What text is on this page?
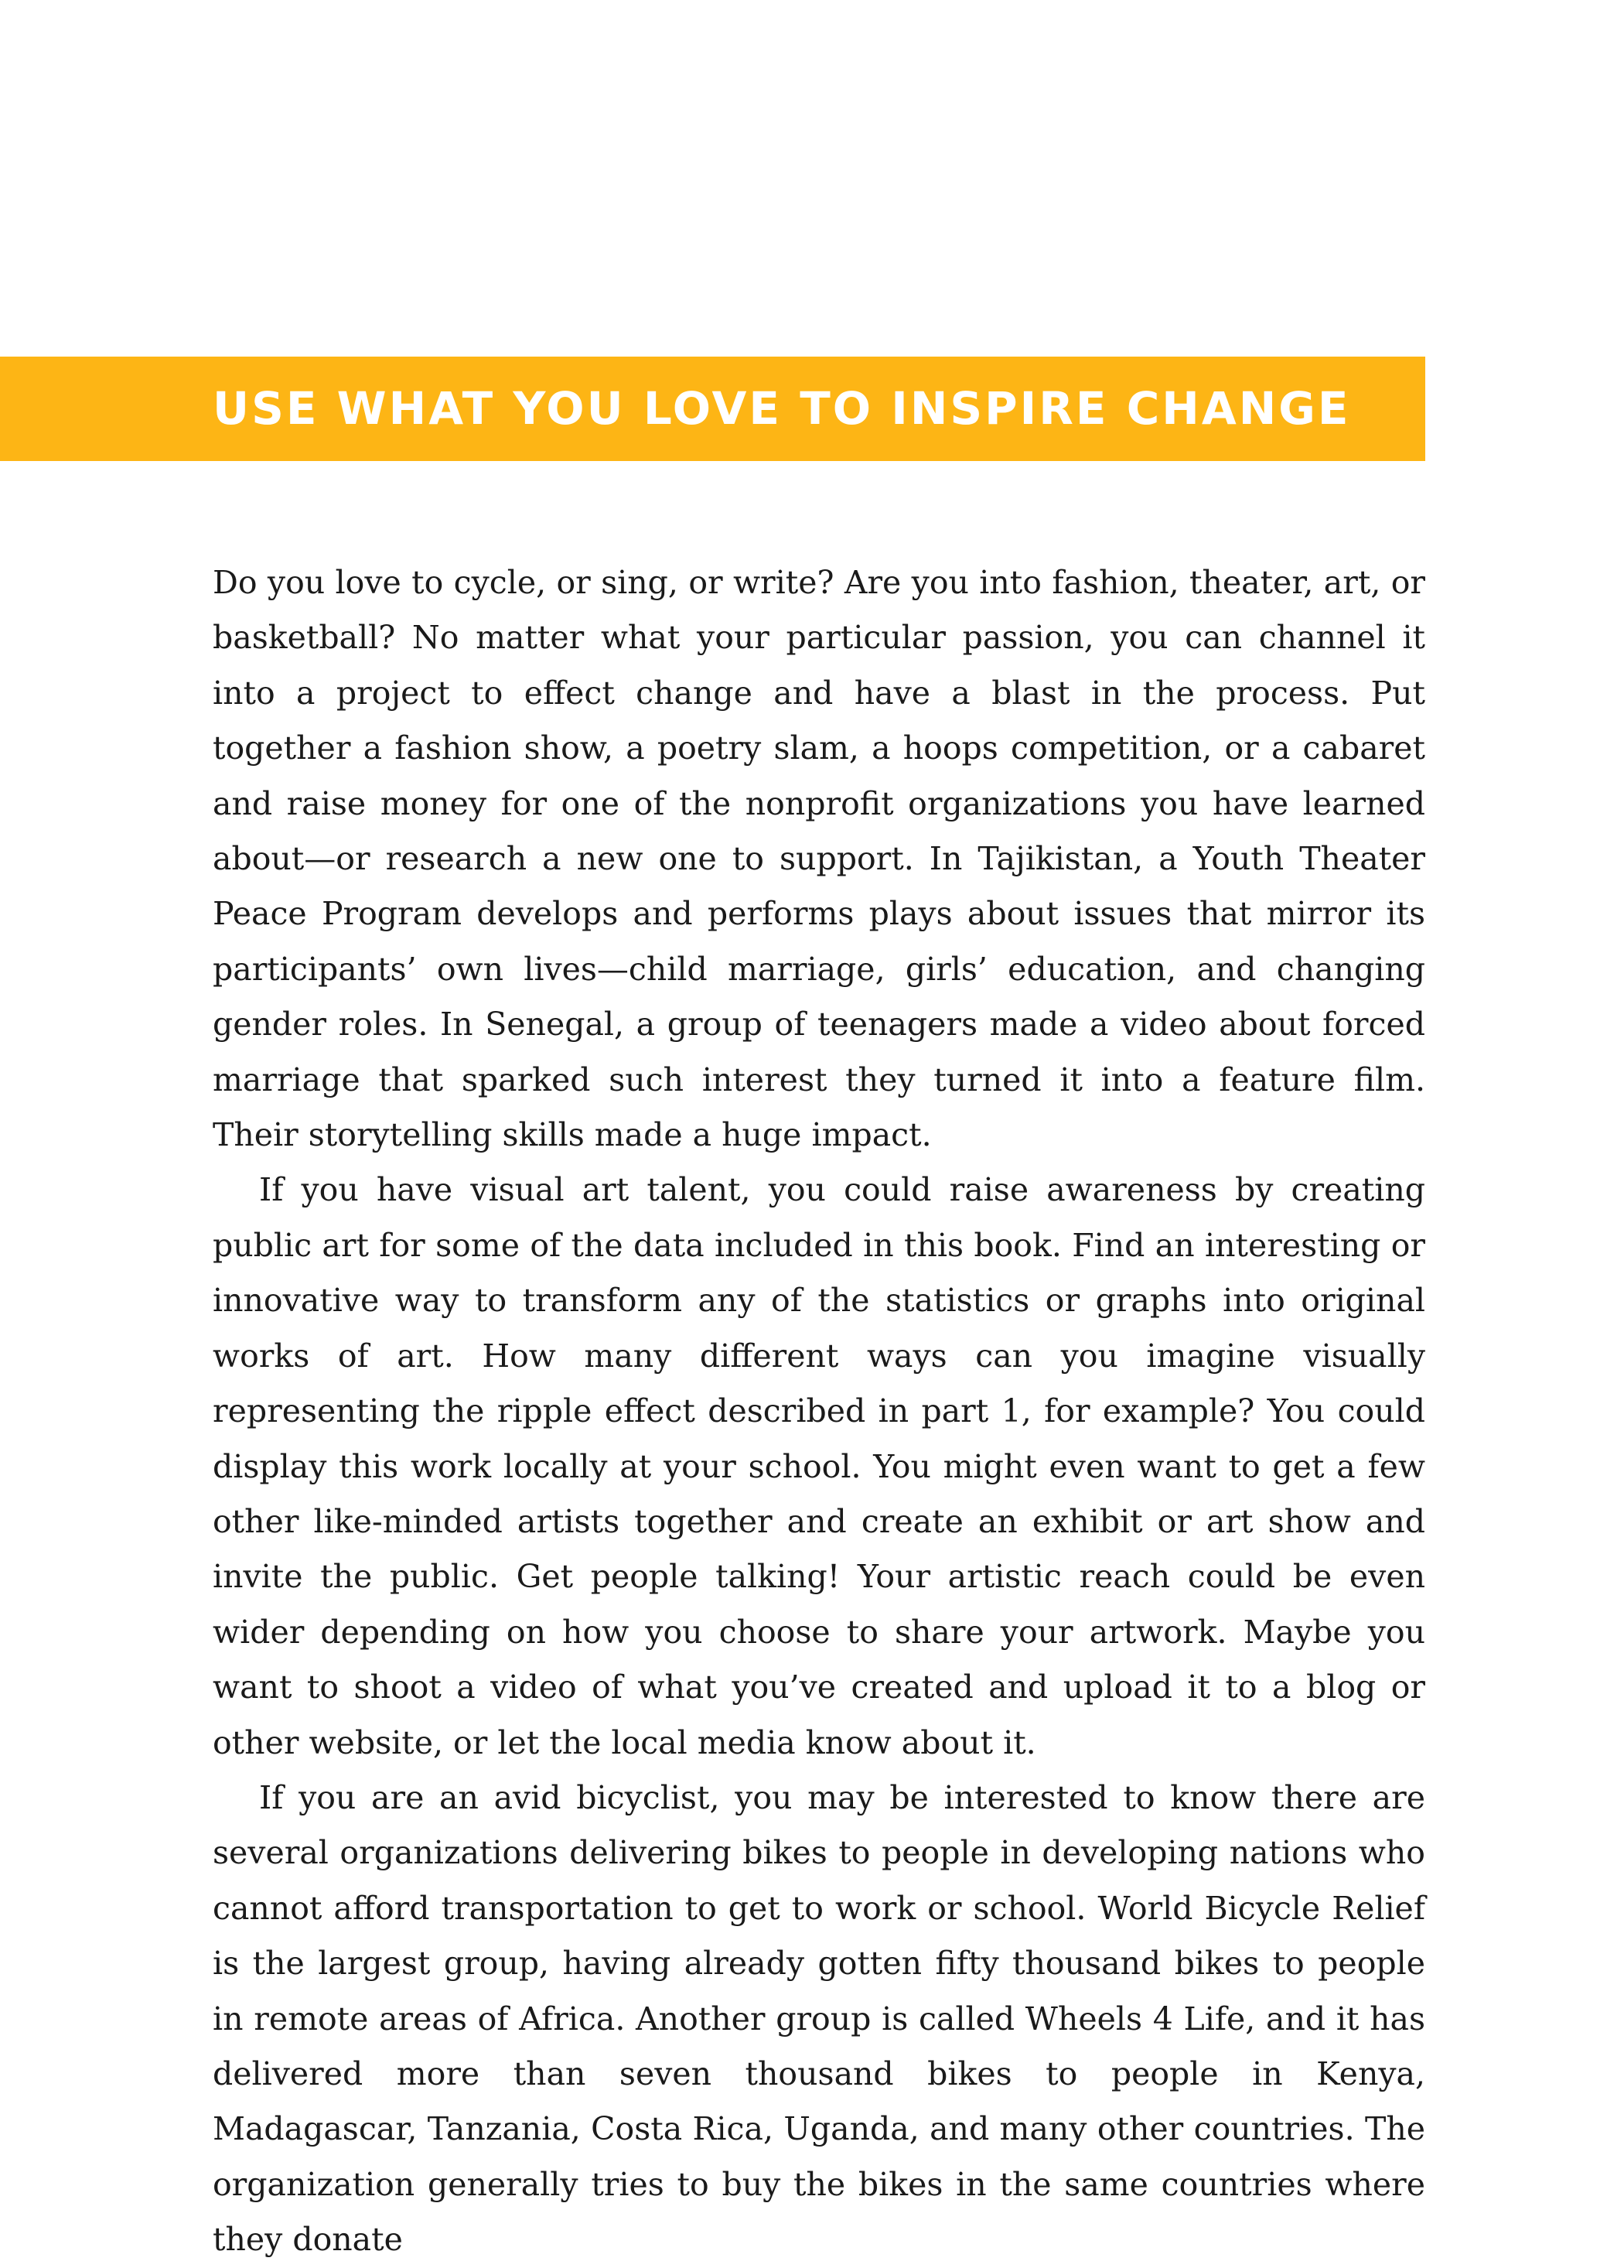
USE WHAT YOU LOVE TO INSPIRE CHANGE

Do you love to cycle, or sing, or write? Are you into fashion, theater, art, or basketball? No matter what your particular passion, you can channel it into a project to effect change and have a blast in the process. Put together a fashion show, a poetry slam, a hoops competition, or a cabaret and raise money for one of the nonprofit organizations you have learned about—or research a new one to support. In Tajikistan, a Youth Theater Peace Program develops and performs plays about issues that mirror its participants’ own lives—child marriage, girls’ education, and changing gender roles. In Senegal, a group of teenagers made a video about forced marriage that sparked such interest they turned it into a feature film. Their storytelling skills made a huge impact.

If you have visual art talent, you could raise awareness by creating public art for some of the data included in this book. Find an interesting or innovative way to transform any of the statistics or graphs into original works of art. How many different ways can you imagine visually representing the ripple effect described in part 1, for example? You could display this work locally at your school. You might even want to get a few other like-minded artists together and create an exhibit or art show and invite the public. Get people talking! Your artistic reach could be even wider depending on how you choose to share your artwork. Maybe you want to shoot a video of what you’ve created and upload it to a blog or other website, or let the local media know about it.

If you are an avid bicyclist, you may be interested to know there are several organizations delivering bikes to people in developing nations who cannot afford transportation to get to work or school. World Bicycle Relief is the largest group, having already gotten fifty thousand bikes to people in remote areas of Africa. Another group is called Wheels 4 Life, and it has delivered more than seven thousand bikes to people in Kenya, Madagascar, Tanzania, Costa Rica, Uganda, and many other countries. The organization generally tries to buy the bikes in the same countries where they donate
